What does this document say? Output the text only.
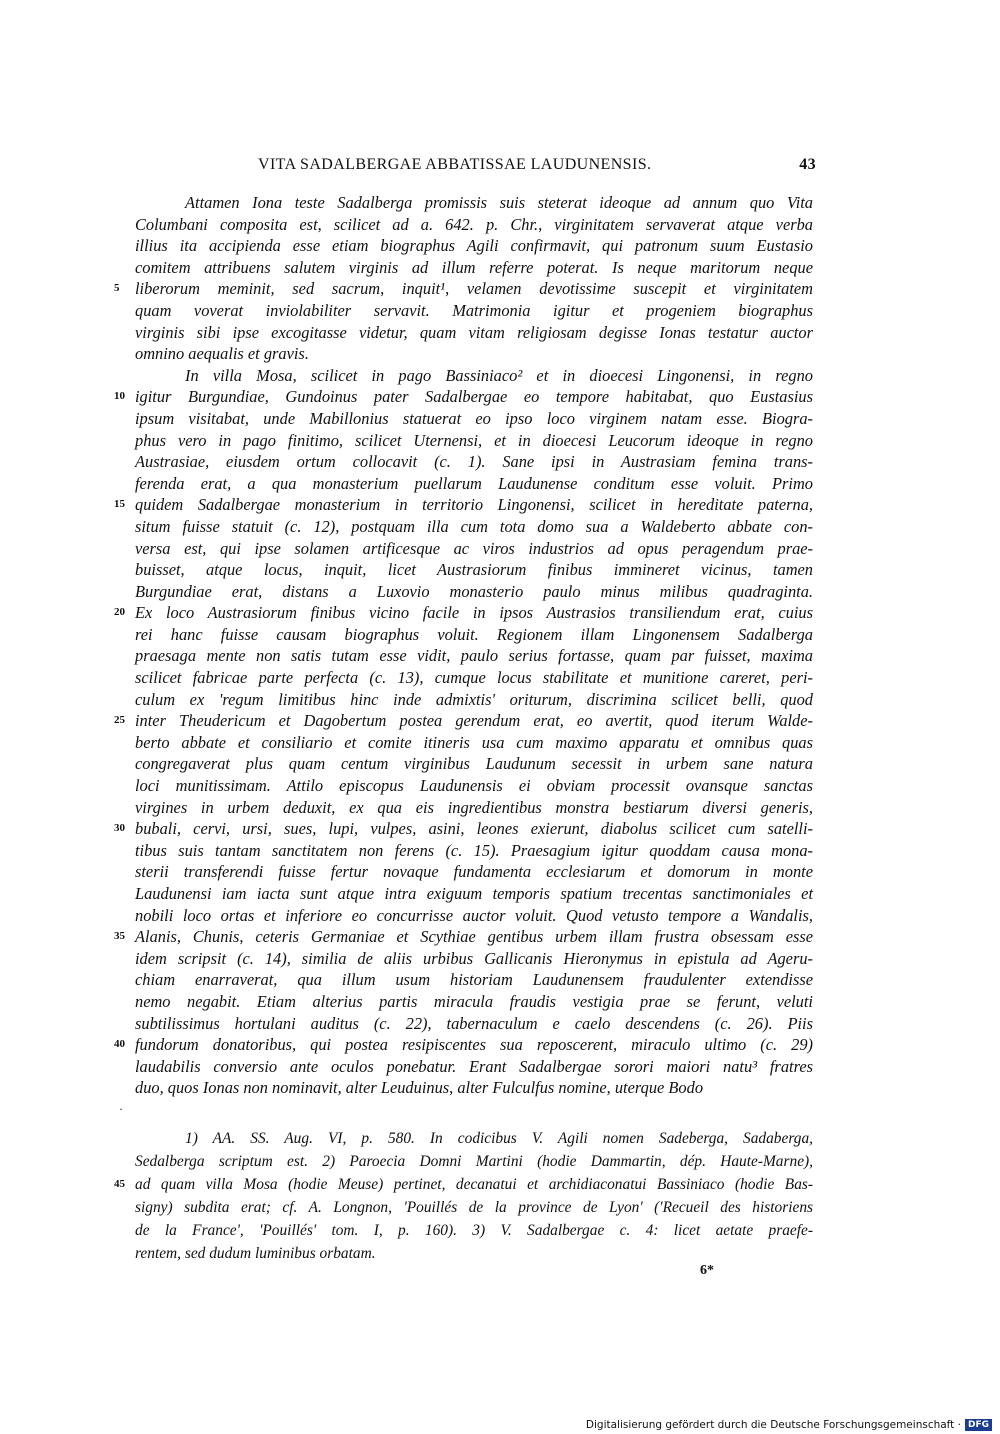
VITA SADALBERGAE ABBATISSAE LAUDUNENSIS.	43
Attamen Iona teste Sadalberga promissis suis steterat ideoque ad annum quo Vita
Columbani composita est, scilicet ad a. 642. p. Chr., virginitatem servaverat atque verba
illius ita accipienda esse etiam biographus Agili confirmavit, qui patronum suum Eustasio
comitem attribuens salutem virginis ad illum referre poterat. Is neque maritorum neque
5 liberorum meminit, sed sacrum, inquit¹, velamen devotissime suscepit et virginitatem
quam voverat inviolabiliter servavit. Matrimonia igitur et progeniem biographus
virginis sibi ipse excogitasse videtur, quam vitam religiosam degisse Ionas testatur auctor
omnino aequalis et gravis.
In villa Mosa, scilicet in pago Bassiniaco² et in dioecesi Lingonensi, in regno
10 igitur Burgundiae, Gundoinus pater Sadalbergae eo tempore habitabat, quo Eustasius
ipsum visitabat, unde Mabillonius statuerat eo ipso loco virginem natam esse. Biogra-
phus vero in pago finitimo, scilicet Uternensi, et in dioecesi Leucorum ideoque in regno
Austrasiae, eiusdem ortum collocavit (c. 1). Sane ipsi in Austrasiam femina trans-
ferenda erat, a qua monasterium puellarum Laudunense conditum esse voluit. Primo
15 quidem Sadalbergae monasterium in territorio Lingonensi, scilicet in hereditate paterna,
situm fuisse statuit (c. 12), postquam illa cum tota domo sua a Waldeberto abbate con-
versa est, qui ipse solamen artificesque ac viros industrios ad opus peragendum prae-
buisset, atque locus, inquit, licet Austrasiorum finibus immineret vicinus, tamen
Burgundiae erat, distans a Luxovio monasterio paulo minus milibus quadraginta.
20 Ex loco Austrasiorum finibus vicino facile in ipsos Austrasios transiliendum erat, cuius
rei hanc fuisse causam biographus voluit. Regionem illam Lingonensem Sadalberga
praesaga mente non satis tutam esse vidit, paulo serius fortasse, quam par fuisset, maxima
scilicet fabricae parte perfecta (c. 13), cumque locus stabilitate et munitione careret, peri-
culum ex 'regum limitibus hinc inde admixtis' oriturum, discrimina scilicet belli, quod
25 inter Theudericum et Dagobertum postea gerendum erat, eo avertit, quod iterum Walde-
berto abbate et consiliario et comite itineris usa cum maximo apparatu et omnibus quas
congregaverat plus quam centum virginibus Laudunum secessit in urbem sane natura
loci munitissimam. Attilo episcopus Laudunensis ei obviam processit ovansque sanctas
virgines in urbem deduxit, ex qua eis ingredientibus monstra bestiarum diversi generis,
30 bubali, cervi, ursi, sues, lupi, vulpes, asini, leones exierunt, diabolus scilicet cum satelli-
tibus suis tantam sanctitatem non ferens (c. 15). Praesagium igitur quoddam causa mona-
sterii transferendi fuisse fertur novaque fundamenta ecclesiarum et domorum in monte
Laudunensi iam iacta sunt atque intra exiguum temporis spatium trecentas sanctimoniales et
nobili loco ortas et inferiore eo concurrisse auctor voluit. Quod vetusto tempore a Wandalis,
35 Alanis, Chunis, ceteris Germaniae et Scythiae gentibus urbem illam frustra obsessam esse
idem scripsit (c. 14), similia de aliis urbibus Gallicanis Hieronymus in epistula ad Ageru-
chiam enarraverat, qua illum usum historiam Laudunensem fraudulenter extendisse
nemo negabit. Etiam alterius partis miracula fraudis vestigia prae se ferunt, veluti
subtilissimus hortulani auditus (c. 22), tabernaculum e caelo descendens (c. 26). Piis
40 fundorum donatoribus, qui postea resipiscentes sua reposcerent, miraculo ultimo (c. 29)
laudabilis conversio ante oculos ponebatur. Erant Sadalbergae sorori maiori natu³ fratres
duo, quos Ionas non nominavit, alter Leuduinus, alter Fulculfus nomine, uterque Bodo
·
1) AA. SS. Aug. VI, p. 580. In codicibus V. Agili nomen Sadeberga, Sadaberga,
Sedalberga scriptum est. 2) Paroecia Domni Martini (hodie Dammartin, dép. Haute-Marne),
45 ad quam villa Mosa (hodie Meuse) pertinet, decanatui et archidiaconatui Bassiniaco (hodie Bas-
signy) subdita erat; cf. A. Longnon, 'Pouillés de la province de Lyon' ('Recueil des historiens
de la France', 'Pouillés' tom. I, p. 160). 3) V. Sadalbergae c. 4: licet aetate praefe-
rentem, sed dudum luminibus orbatam.
6*
Digitalisierung gefördert durch die Deutsche Forschungsgemeinschaft · DFG
